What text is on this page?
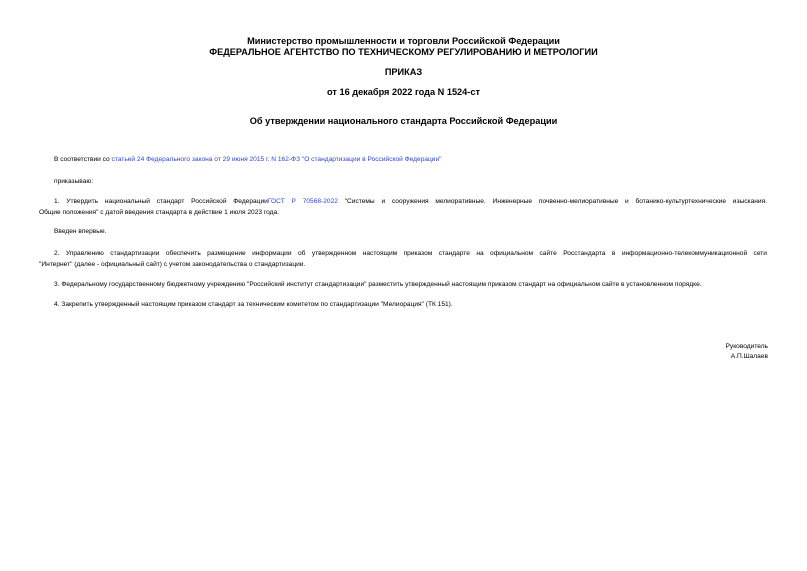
Министерство промышленности и торговли Российской Федерации
ФЕДЕРАЛЬНОЕ АГЕНТСТВО ПО ТЕХНИЧЕСКОМУ РЕГУЛИРОВАНИЮ И МЕТРОЛОГИИ
ПРИКАЗ
от 16 декабря 2022 года N 1524-ст
Об утверждении национального стандарта Российской Федерации
В соответствии со статьей 24 Федерального закона от 29 июня 2015 г. N 162-ФЗ "О стандартизации в Российской Федерации"
приказываю:
1. Утвердить национальный стандарт Российской ФедерацииГОСТ Р 70568-2022 "Системы и сооружения мелиоративные. Инженерные почвенно-мелиоративные и ботанико-культуртехнические изыскания.
Общие положения" с датой введения стандарта в действие 1 июля 2023 года.
Введен впервые.
2. Управлению стандартизации обеспечить размещение информации об утвержденном настоящим приказом стандарте на официальном сайте Росстандарта в информационно-телекоммуникационной сети
"Интернет" (далее - официальный сайт) с учетом законодательства о стандартизации.
3. Федеральному государственному бюджетному учреждению "Российский институт стандартизации" разместить утвержденный настоящим приказом стандарт на официальном сайте в установленном порядке.
4. Закрепить утвержденный настоящим приказом стандарт за техническим комитетом по стандартизации "Мелиорация" (ТК 151).
Руководитель
А.П.Шалаев
